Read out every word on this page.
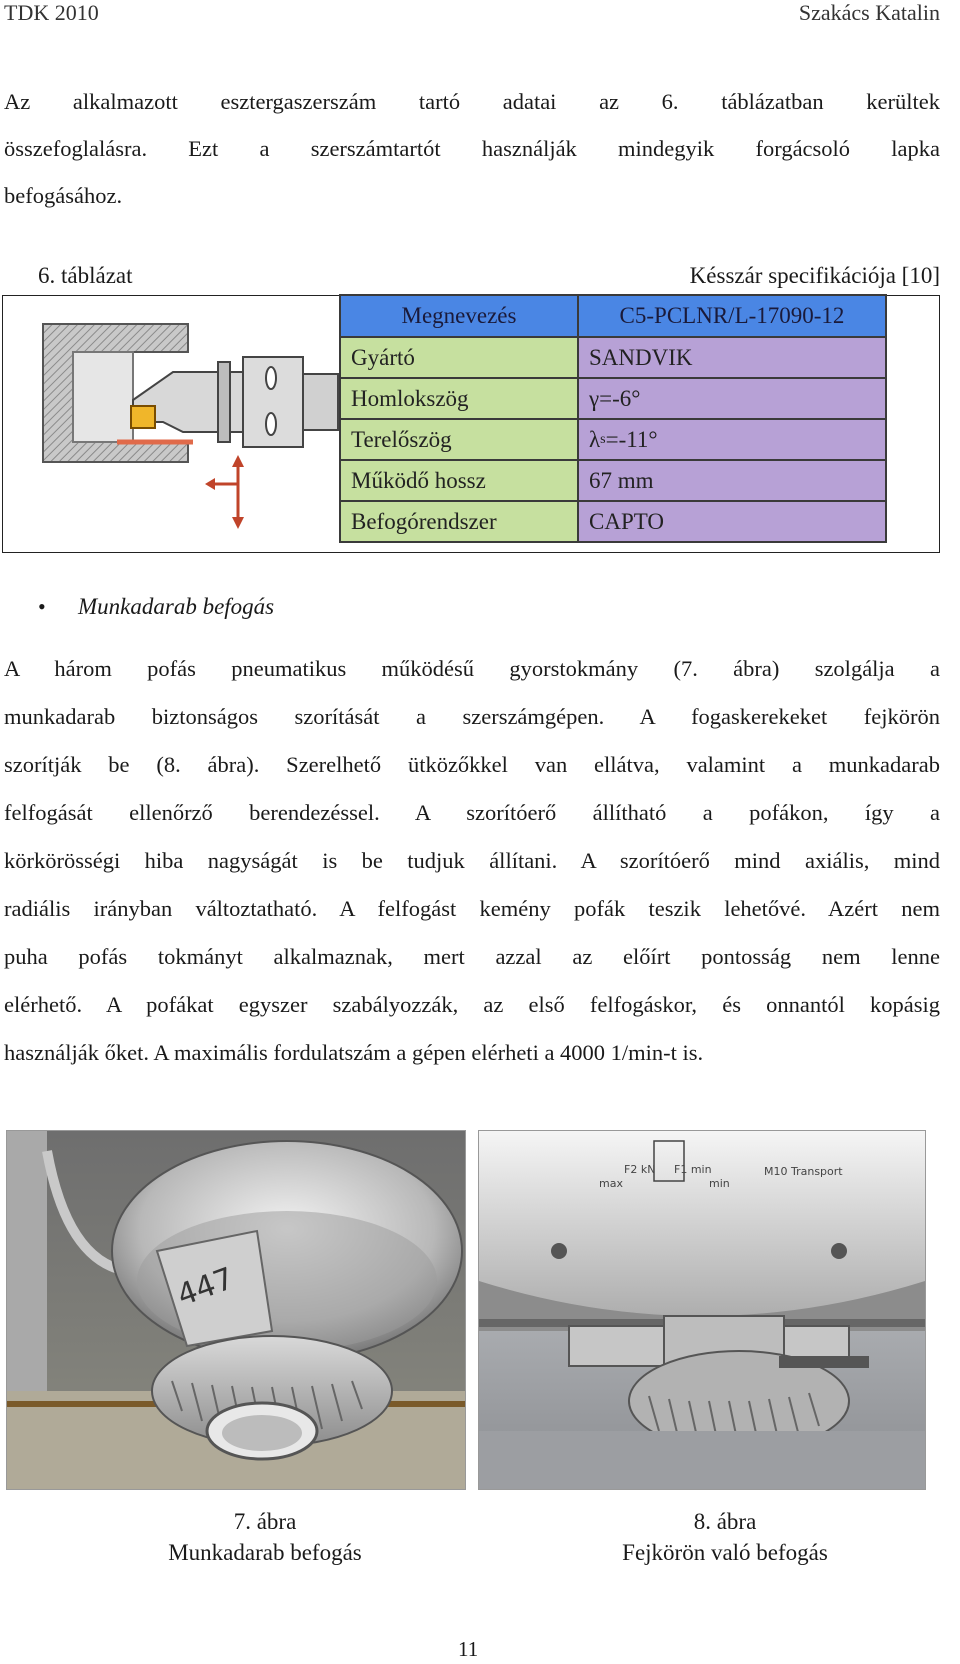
TDK 2010	Szakács Katalin
Az alkalmazott esztergaszerszám tartó adatai az 6. táblázatban kerültek
összefoglalásra. Ezt a szerszámtartót használják mindegyik forgácsoló lapka
befogásához.
6. táblázat	Késszár specifikációja [10]
Megnevezés	C5-PCLNR/L-17090-12
Gyártó	SANDVIK
Homlokszög	γ=-6°
Terelőszög	λ s =-11°
Működő hossz	67 mm
Befogórendszer	CAPTO
• Munkadarab befogás
A három pofás pneumatikus működésű gyorstokmány (7. ábra) szolgálja a
munkadarab biztonságos szorítását a szerszámgépen. A fogaskerekeket fejkörön
szorítják be (8. ábra). Szerelhető ütközőkkel van ellátva, valamint a munkadarab
felfogását ellenőrző berendezéssel. A szorítóerő állítható a pofákon, így a
körkörösségi hiba nagyságát is be tudjuk állítani. A szorítóerő mind axiális, mind
radiális irányban változtatható. A felfogást kemény pofák teszik lehetővé. Azért nem
puha pofás tokmányt alkalmaznak, mert azzal az előírt pontosság nem lenne
elérhető. A pofákat egyszer szabályozzák, az első felfogáskor, és onnantól kopásig
használják őket. A maximális fordulatszám a gépen elérheti a 4000 1/min-t is.
447
F2 kN
max
F1 min
min
M10 Transport
7. ábra
Munkadarab befogás
8. ábra
Fejkörön való befogás
11
